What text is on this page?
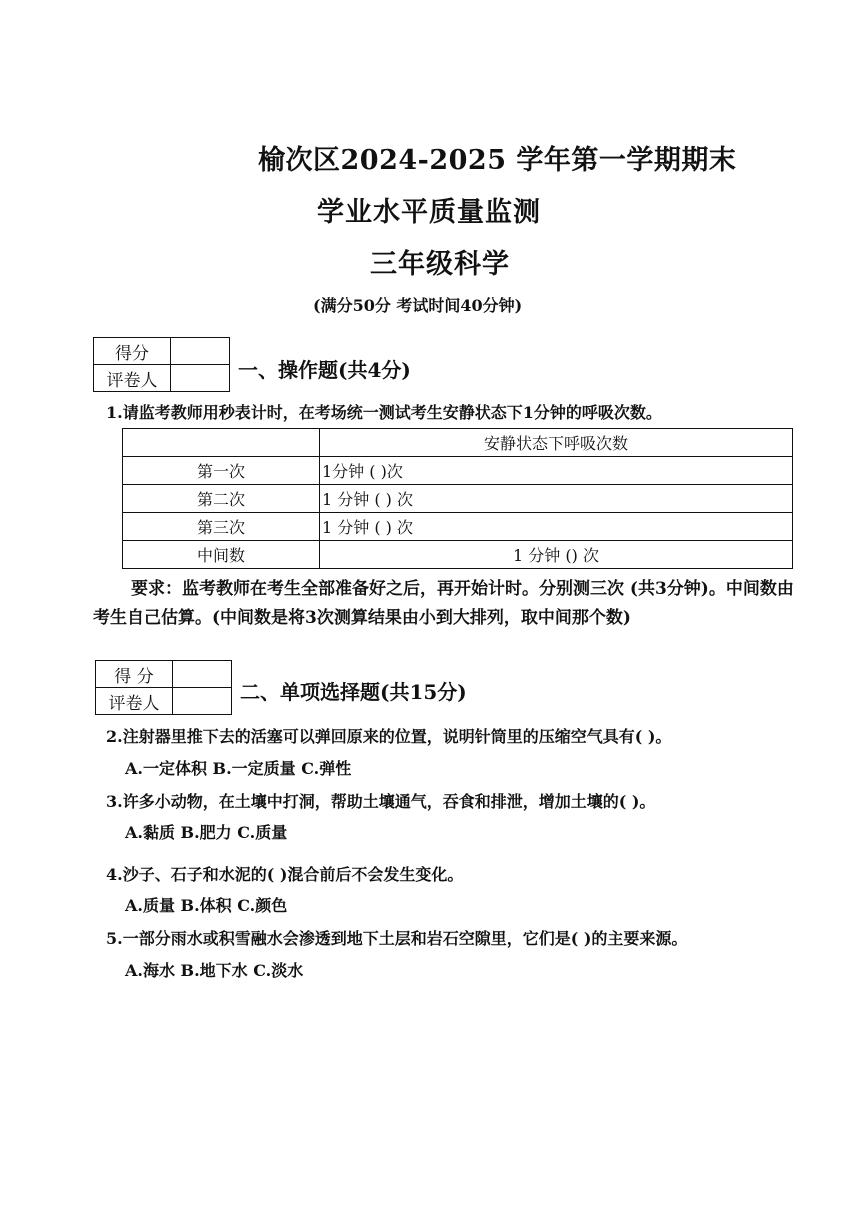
榆次区2024-2025 学年第一学期期末
学业水平质量监测
三年级科学
(满分50分 考试时间40分钟)
得分	
评卷人		一、操作题(共4分)
1.请监考教师用秒表计时，在考场统一测试考生安静状态下1分钟的呼吸次数。
	安静状态下呼吸次数
第一次	1分钟 ( )次
第二次	1 分钟 ( ) 次
第三次	1 分钟 ( ) 次
中间数	1 分钟 () 次
要求：监考教师在考生全部准备好之后，再开始计时。分别测三次 (共3分钟)。中间数由考生自己估算。(中间数是将3次测算结果由小到大排列，取中间那个数)
得 分	
评卷人		二、单项选择题(共15分)
2.注射器里推下去的活塞可以弹回原来的位置，说明针筒里的压缩空气具有( )。
A.一定体积 B.一定质量 C.弹性
3.许多小动物，在土壤中打洞，帮助土壤通气，吞食和排泄，增加土壤的( )。
A.黏质 B.肥力 C.质量
4.沙子、石子和水泥的( )混合前后不会发生变化。
A.质量 B.体积 C.颜色
5.一部分雨水或积雪融水会渗透到地下土层和岩石空隙里，它们是( )的主要来源。
A.海水 B.地下水 C.淡水
